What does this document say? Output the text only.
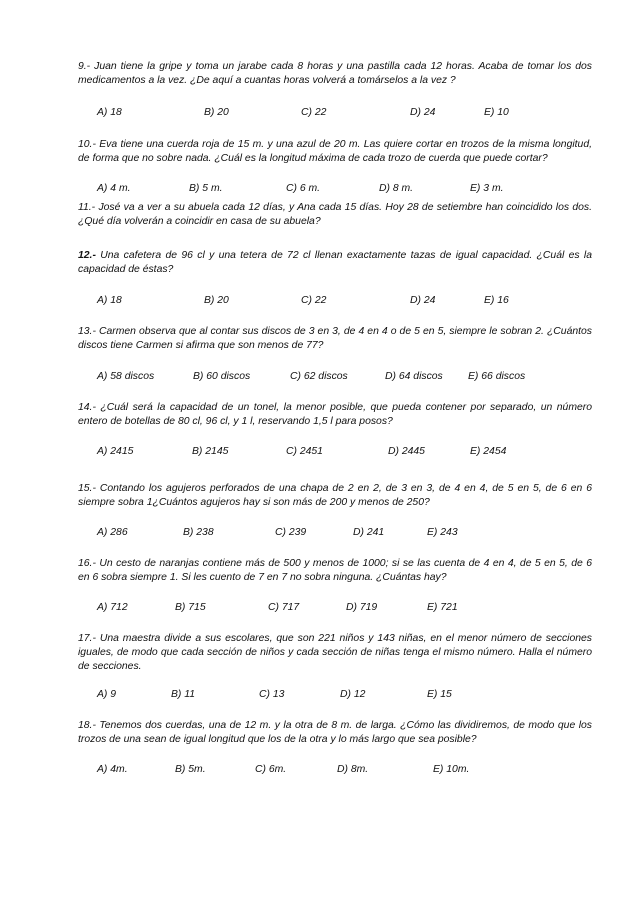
9.- Juan tiene la gripe y toma un jarabe cada 8 horas y una pastilla cada 12 horas. Acaba de tomar los dos medicamentos a la vez. ¿De aquí a cuantas horas volverá a tomárselos a la vez ?

A) 18	B) 20	C) 22	D) 24	E) 10

10.- Eva tiene una cuerda roja de 15 m. y una azul de 20 m. Las quiere cortar en trozos de la misma longitud, de forma que no sobre nada. ¿Cuál es la longitud máxima de cada trozo de cuerda que puede cortar?

A) 4 m.	B) 5 m.	C) 6 m.	D) 8 m.	E) 3 m.

11.- José va a ver a su abuela cada 12 días, y Ana cada 15 días. Hoy 28 de setiembre han coincidido los dos. ¿Qué día volverán a coincidir en casa de su abuela?

12.- Una cafetera de 96 cl y una tetera de 72 cl llenan exactamente tazas de igual capacidad. ¿Cuál es la capacidad de éstas?

A) 18	B) 20	C) 22	D) 24	E) 16

13.- Carmen observa que al contar sus discos de 3 en 3, de 4 en 4 o de 5 en 5, siempre le sobran 2. ¿Cuántos discos tiene Carmen si afirma que son menos de 77?

A) 58 discos	B) 60 discos	C) 62 discos	D) 64 discos E) 66 discos

14.- ¿Cuál será la capacidad de un tonel, la menor posible, que pueda contener por separado, un número entero de botellas de 80 cl, 96 cl, y 1 l, reservando 1,5 l para posos?

A) 2415	B) 2145	C) 2451	D) 2445	E) 2454

15.- Contando los agujeros perforados de una chapa de 2 en 2, de 3 en 3, de 4 en 4, de 5 en 5, de 6 en 6 siempre sobra 1¿Cuántos agujeros hay si son más de 200 y menos de 250?

A) 286	B) 238	C) 239	D) 241	E) 243

16.- Un cesto de naranjas contiene más de 500 y menos de 1000; si se las cuenta de 4 en 4, de 5 en 5, de 6 en 6 sobra siempre 1. Si les cuento de 7 en 7 no sobra ninguna. ¿Cuántas hay?

A) 712	B) 715	C) 717	D) 719	E) 721

17.- Una maestra divide a sus escolares, que son 221 niños y 143 niñas, en el menor número de secciones iguales, de modo que cada sección de niños y cada sección de niñas tenga el mismo número. Halla el número de secciones.

A) 9	B) 11	C) 13	D) 12	E) 15

18.- Tenemos dos cuerdas, una de 12 m. y la otra de 8 m. de larga. ¿Cómo las dividiremos, de modo que los trozos de una sean de igual longitud que los de la otra y lo más largo que sea posible?

A) 4m.	B) 5m.	C) 6m.	D) 8m.	E) 10m.
